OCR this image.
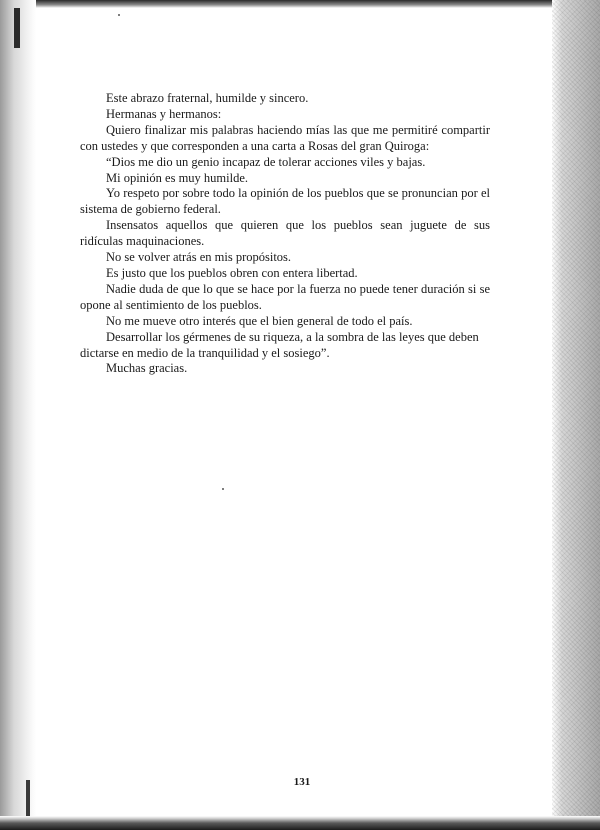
Este abrazo fraternal, humilde y sincero.

Hermanas y hermanos:

Quiero finalizar mis palabras haciendo mías las que me permitiré compartir con ustedes y que corresponden a una carta a Rosas del gran Quiroga:

“Dios me dio un genio incapaz de tolerar acciones viles y bajas.

Mi opinión es muy humilde.

Yo respeto por sobre todo la opinión de los pueblos que se pronuncian por el sistema de gobierno federal.

Insensatos aquellos que quieren que los pueblos sean juguete de sus ridículas maquinaciones.

No se volver atrás en mis propósitos.

Es justo que los pueblos obren con entera libertad.

Nadie duda de que lo que se hace por la fuerza no puede tener duración si se opone al sentimiento de los pueblos.

No me mueve otro interés que el bien general de todo el país.

Desarrollar los gérmenes de su riqueza, a la sombra de las leyes que deben dictarse en medio de la tranquilidad y el sosiego”.

Muchas gracias.

131
